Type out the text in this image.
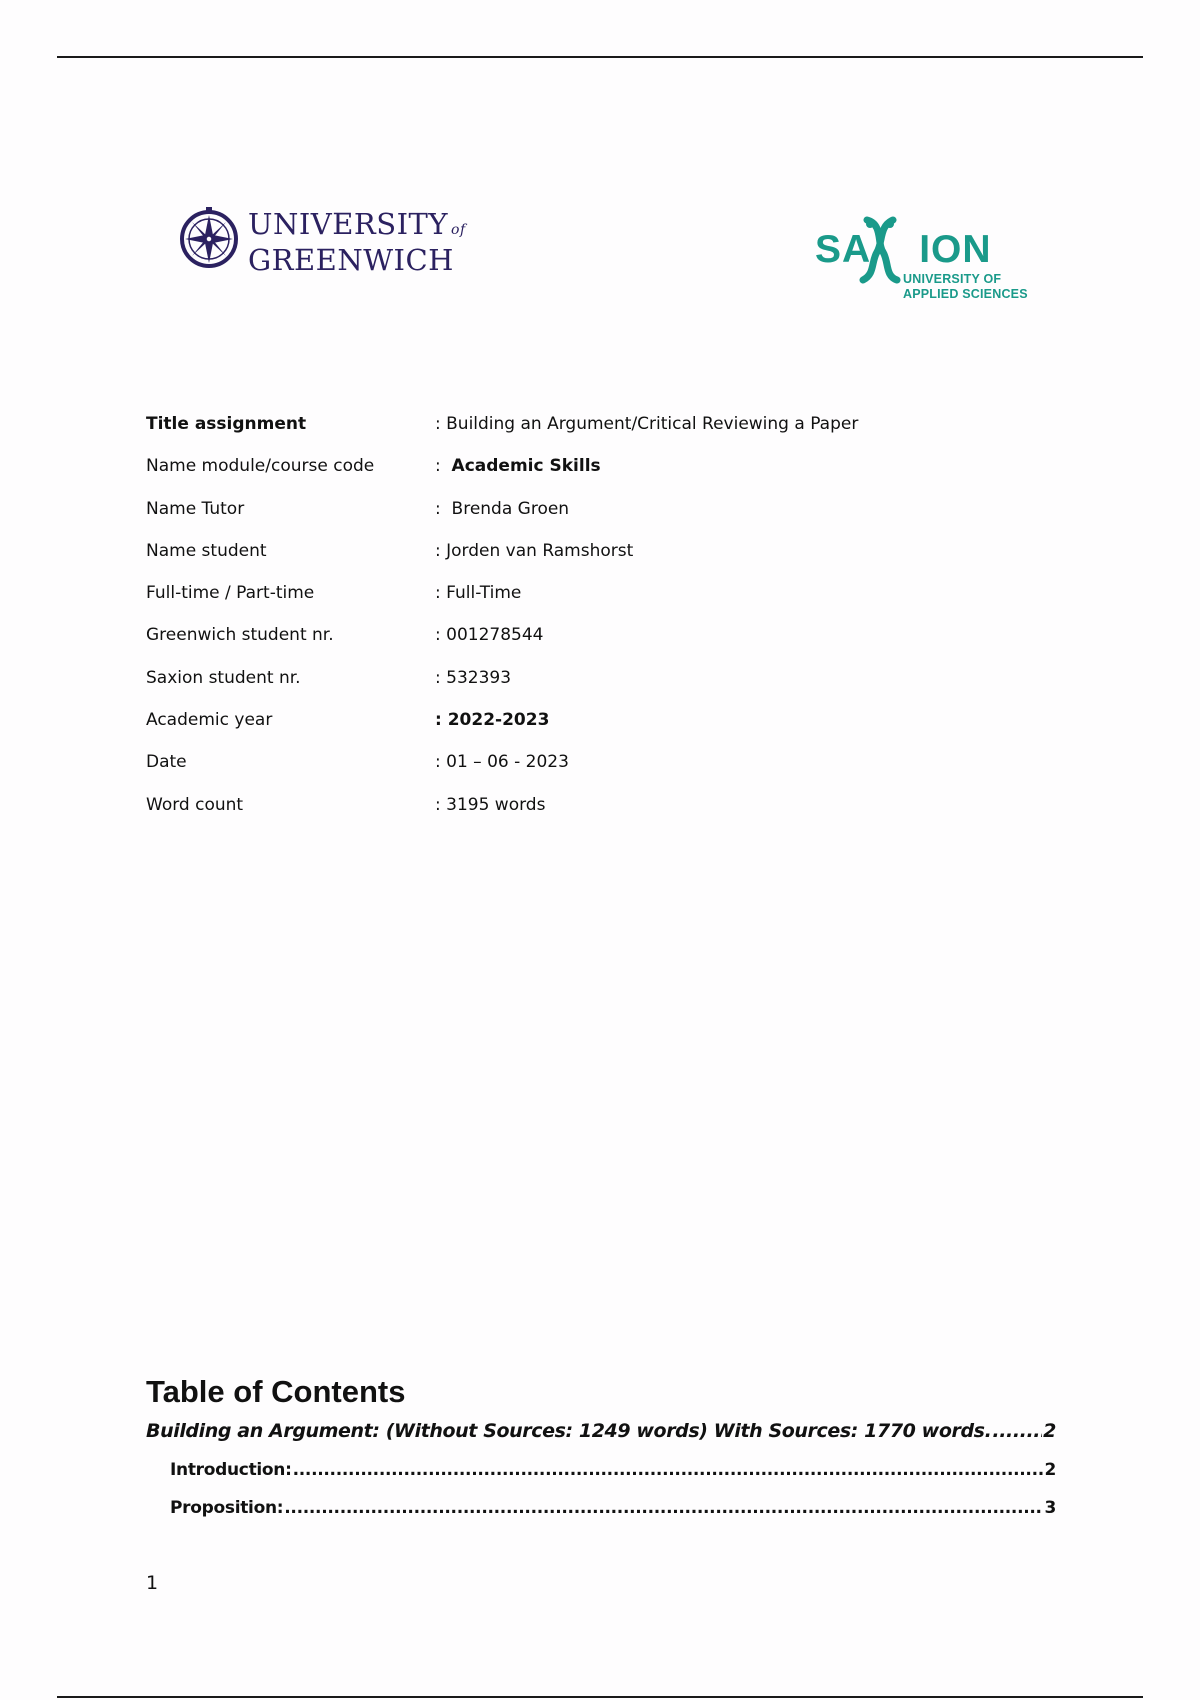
UNIVERSITY of
GREENWICH	SA ION
UNIVERSITY OF
APPLIED SCIENCES
Title assignment	: Building an Argument/Critical Reviewing a Paper
Name module/course code	:  Academic Skills
Name Tutor	:  Brenda Groen
Name student	: Jorden van Ramshorst
Full-time / Part-time	: Full-Time
Greenwich student nr.	: 001278544
Saxion student nr.	: 532393
Academic year	: 2022-2023
Date	: 01 – 06 - 2023
Word count	: 3195 words
Table of Contents
Building an Argument: (Without Sources: 1249 words) With Sources: 1770 words. .....	2
Introduction: .....	2
Proposition: .....	3
1
